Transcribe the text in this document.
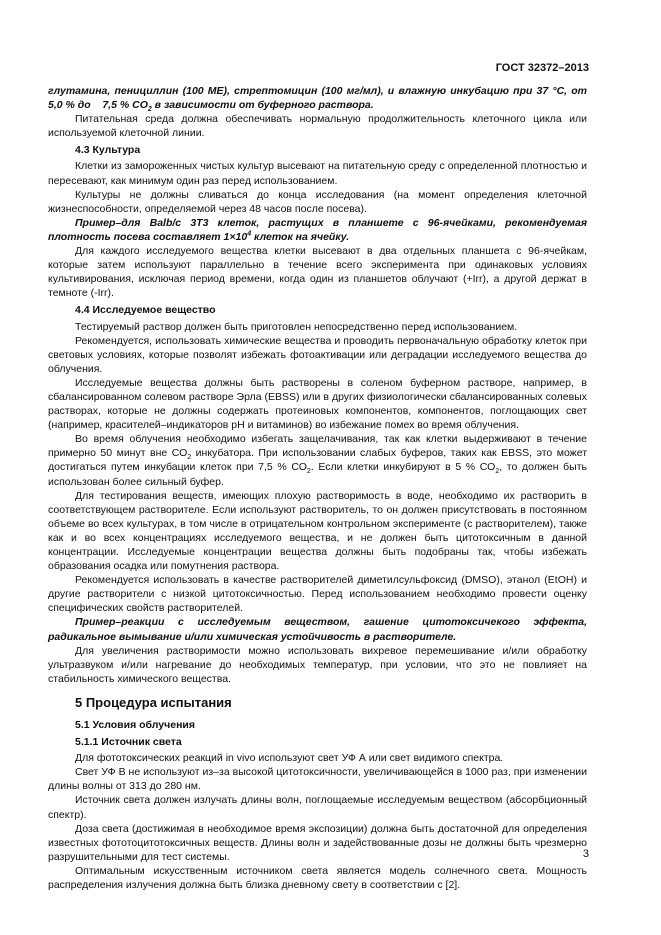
ГОСТ 32372–2013

глутамина, пенициллин (100 МЕ), стрептомицин (100 мг/мл), и влажную инкубацию при 37 °С, от 5,0 % до    7,5 % $СО_2$ в зависимости от буферного раствора.

Питательная среда должна обеспечивать нормальную продолжительность клеточного цикла или используемой клеточной линии.

4.3 Культура

Клетки из замороженных чистых культур высевают на питательную среду с определенной плотностью и пересевают, как минимум один раз перед использованием.

Культуры не должны сливаться до конца исследования (на момент определения клеточной жизнеспособности, определяемой через 48 часов после посева).

Пример–для Balb/c 3T3 клеток, растущих в планшете с 96-ячейками, рекомендуемая плотность посева составляет $1\times 10^4$ клеток на ячейку.

Для каждого исследуемого вещества клетки высевают в два отдельных планшета с 96-ячейкам, которые затем используют параллельно в течение всего эксперимента при одинаковых условиях культивирования, исключая период времени, когда один из планшетов облучают (+Irr), а другой держат в темноте (-Irr).

4.4 Исследуемое вещество

Тестируемый раствор должен быть приготовлен непосредственно перед использованием.

Рекомендуется, использовать химические вещества и проводить первоначальную обработку клеток при световых условиях, которые позволят избежать фотоактивации или деградации исследуемого вещества до облучения.

Исследуемые вещества должны быть растворены в соленом буферном растворе, например, в сбалансированном солевом растворе Эрла (EBSS) или в других физиологически сбалансированных солевых растворах, которые не должны содержать протеиновых компонентов, компонентов, поглощающих свет (например, красителей–индикаторов рН и витаминов) во избежание помех во время облучения.

Во время облучения необходимо избегать защелачивания, так как клетки выдерживают в течение примерно 50 минут вне $СО_2$ инкубатора. При использовании слабых буферов, таких как EBSS, это может достигаться путем инкубации клеток при 7,5 % $СО_2$. Если клетки инкубируют в 5 % $СО_2$, то должен быть использован более сильный буфер.

Для тестирования веществ, имеющих плохую растворимость в воде, необходимо их растворить в соответствующем растворителе. Если используют растворитель, то он должен присутствовать в постоянном объеме во всех культурах, в том числе в отрицательном контрольном эксперименте (с растворителем), также как и во всех концентрациях исследуемого вещества, и не должен быть цитотоксичным в данной концентрации. Исследуемые концентрации вещества должны быть подобраны так, чтобы избежать образования осадка или помутнения раствора.

Рекомендуется использовать в качестве растворителей диметилсульфоксид (DMSO), этанол (EtOH) и другие растворители с низкой цитотоксичностью. Перед использованием необходимо провести оценку специфических свойств растворителей.

Пример–реакции с исследуемым веществом, гашение цитотоксичекого эффекта, радикальное вымывание и/или химическая устойчивость в растворителе.

Для увеличения растворимости можно использовать вихревое перемешивание и/или обработку ультразвуком и/или нагревание до необходимых температур, при условии, что это не повлияет на стабильность химического вещества.

5 Процедура испытания

5.1 Условия облучения

5.1.1 Источник света

Для фототоксических реакций in vivo используют свет УФ А или свет видимого спектра.

Свет УФ В не используют из–за высокой цитотоксичности, увеличивающейся в 1000 раз, при изменении длины волны от 313 до 280 нм.

Источник света должен излучать длины волн, поглощаемые исследуемым веществом (абсорбционный спектр).

Доза света (достижимая в необходимое время экспозиции) должна быть достаточной для определения известных фототоцитотоксичных веществ. Длины волн и задействованные дозы не должны быть чрезмерно разрушительными для тест системы.

Оптимальным искусственным источником света является модель солнечного света. Мощность распределения излучения должна быть близка дневному свету в соответствии с [2].

3
